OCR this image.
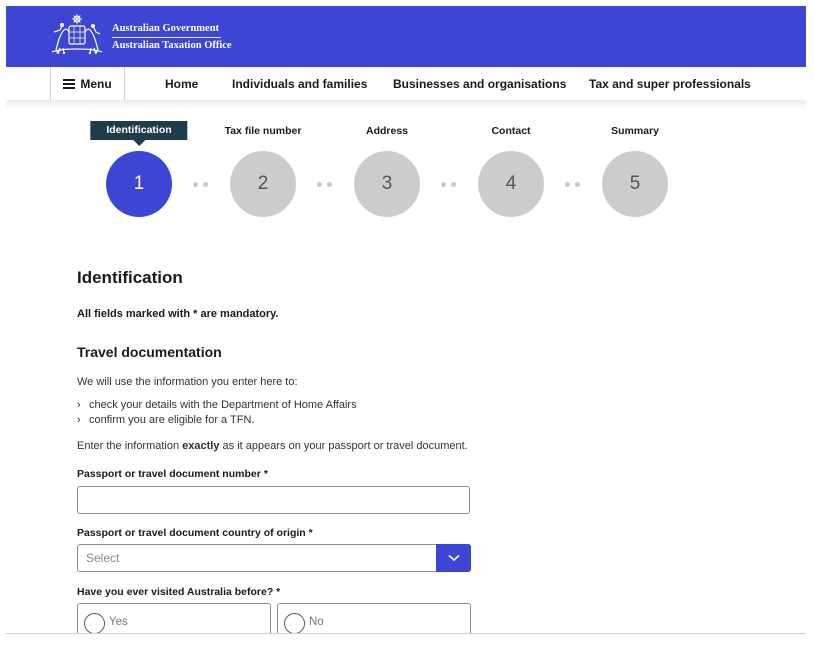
Australian Government
Australian Taxation Office
Menu	Home	Individuals and families Businesses and organisations Tax and super professionals
Identification	Tax file number	Address	Contact	Summary
1	2	3	4	5
Identification
All fields marked with * are mandatory.
Travel documentation
We will use the information you enter here to:
› check your details with the Department of Home Affairs
› confirm you are eligible for a TFN.
Enter the information exactly as it appears on your passport or travel document.
Passport or travel document number *
Passport or travel document country of origin *
Select
Have you ever visited Australia before? *
Yes	No
